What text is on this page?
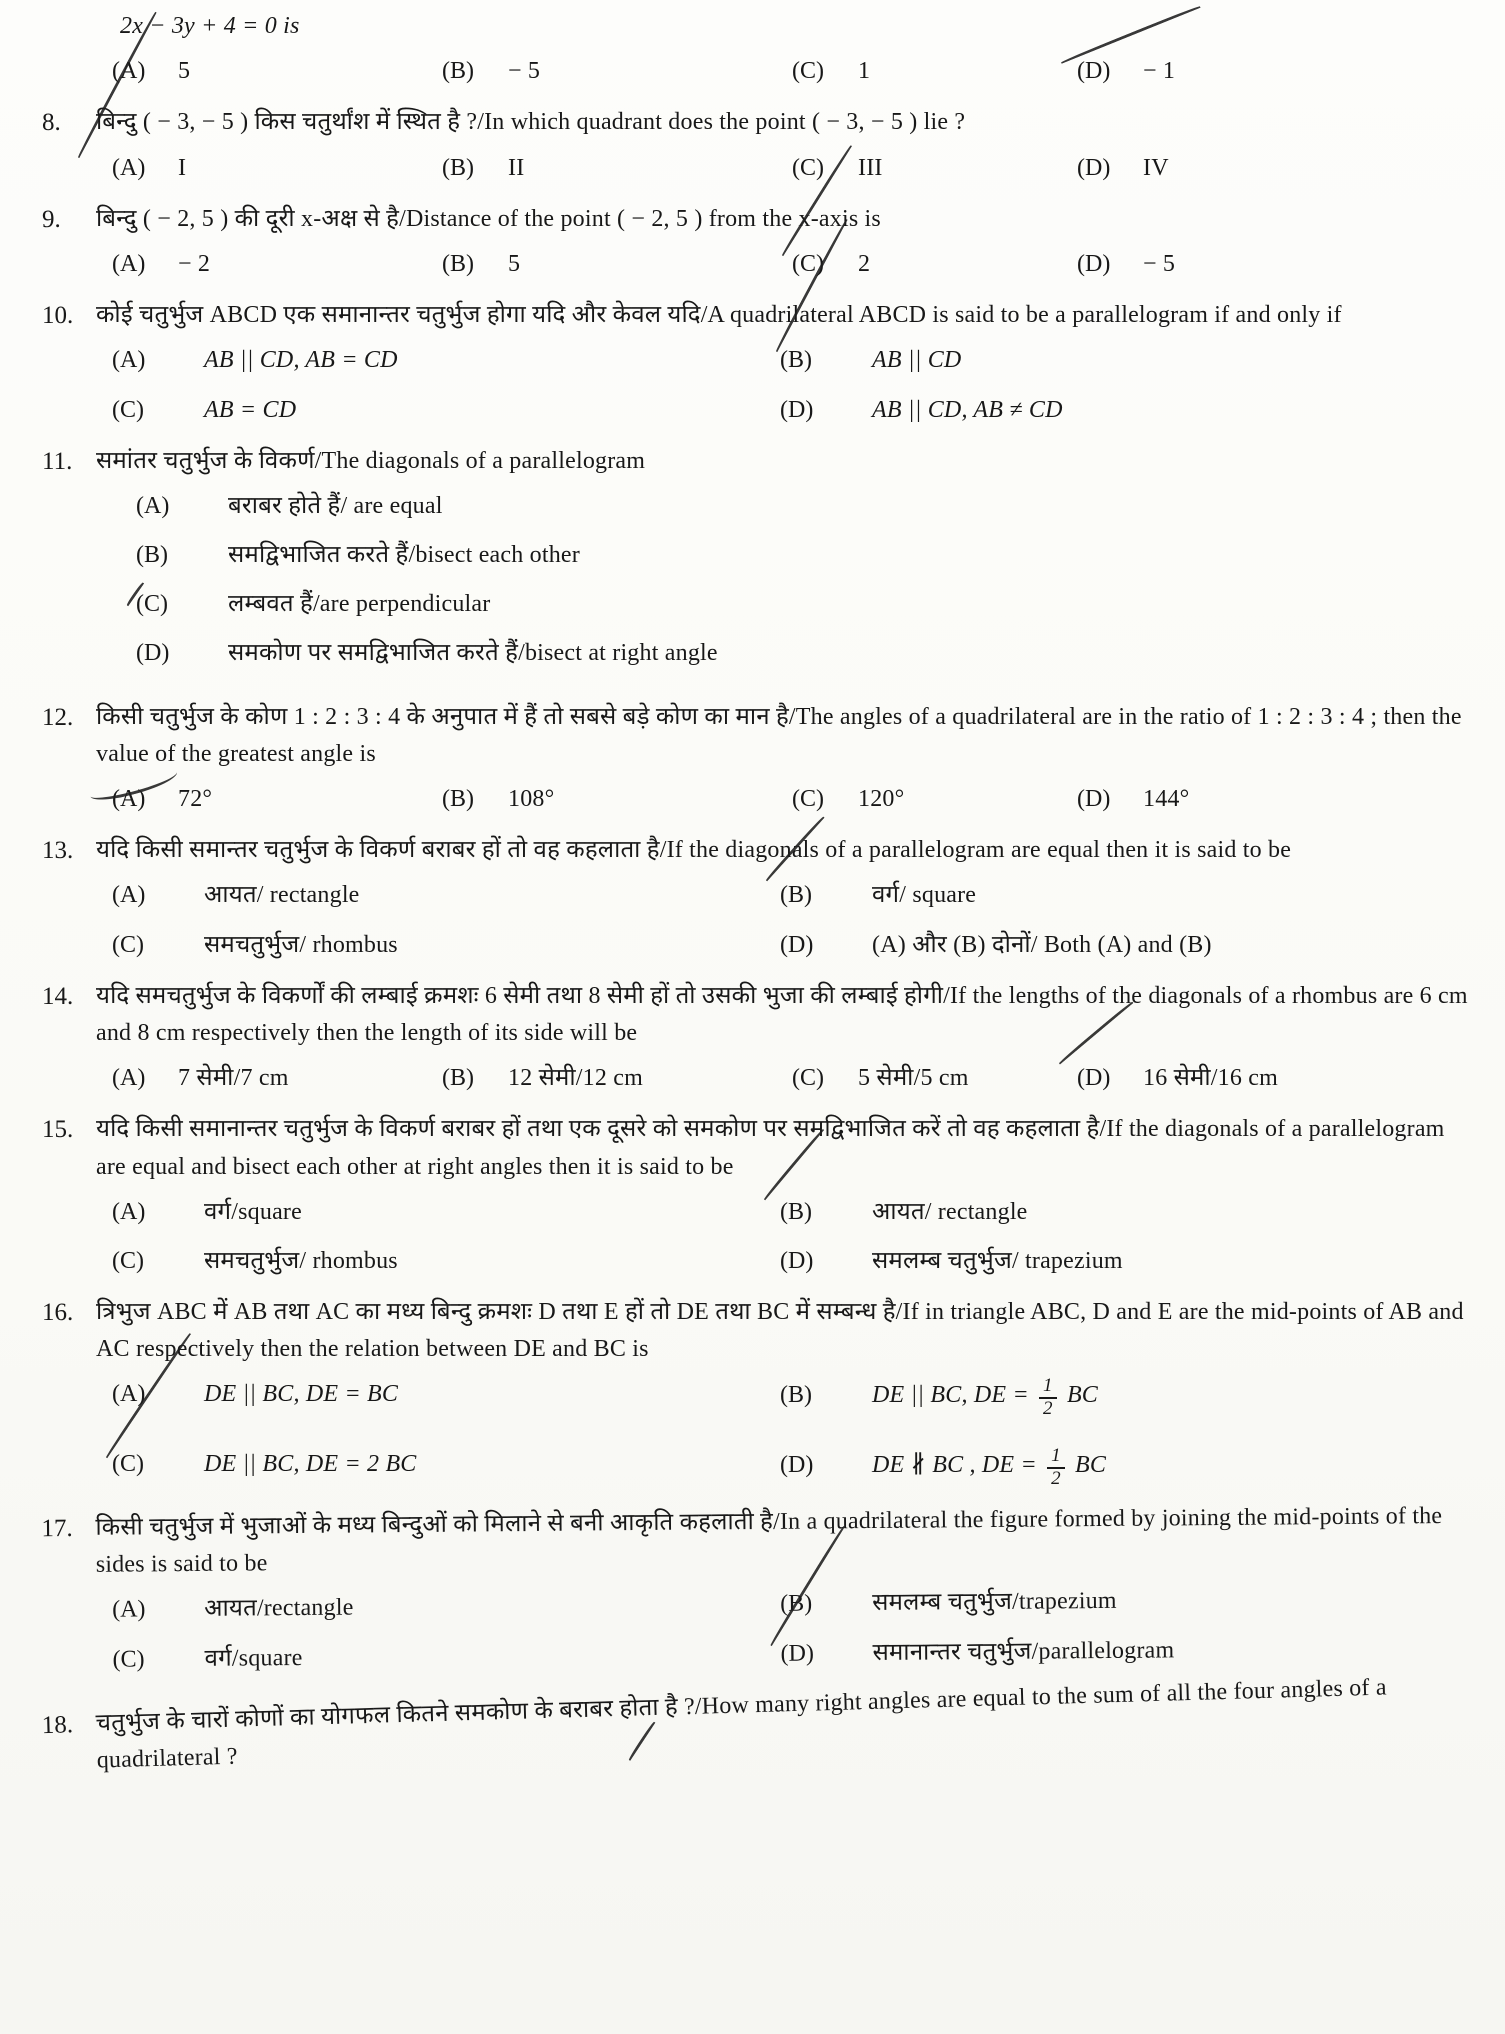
2x − 3y + 4 = 0 is
(A) 5	(B) − 5	(C) 1	(D) − 1
8.	बिन्दु ( − 3, − 5 ) किस चतुर्थांश में स्थित है ?/In which quadrant does the point ( − 3, − 5 ) lie ?
(A) I	(B) II	(C) III	(D) IV
9.	बिन्दु ( − 2, 5 ) की दूरी x-अक्ष से है/Distance of the point ( − 2, 5 ) from the x-axis is
(A) − 2	(B) 5	(C) 2	(D) − 5
10. कोई चतुर्भुज ABCD एक समानान्तर चतुर्भुज होगा यदि और केवल यदि/A quadrilateral ABCD is said to be a parallelogram if and only if
(A) AB || CD, AB = CD	(B)	AB || CD
(C)	AB = CD	(D) AB || CD, AB ≠ CD
11. समांतर चतुर्भुज के विकर्ण/The diagonals of a parallelogram
(A) बराबर होते हैं/ are equal
(B)	समद्विभाजित करते हैं/bisect each other
(C)	लम्बवत हैं/are perpendicular
(D) समकोण पर समद्विभाजित करते हैं/bisect at right angle
12. किसी चतुर्भुज के कोण 1 : 2 : 3 : 4 के अनुपात में हैं तो सबसे बड़े कोण का मान है/The angles of a quadrilateral are in the ratio of 1 : 2 : 3 : 4 ; then the value of the greatest angle is
(A) 72°	(B) 108°	(C) 120°	(D) 144°
13. यदि किसी समान्तर चतुर्भुज के विकर्ण बराबर हों तो वह कहलाता है/If the diagonals of a parallelogram are equal then it is said to be
(A) आयत/ rectangle	(B)	वर्ग/ square
(C)	समचतुर्भुज/ rhombus	(D) (A) और (B) दोनों/ Both (A) and (B)
14. यदि समचतुर्भुज के विकर्णों की लम्बाई क्रमशः 6 सेमी तथा 8 सेमी हों तो उसकी भुजा की लम्बाई होगी/If the lengths of the diagonals of a rhombus are 6 cm and 8 cm respectively then the length of its side will be
(A) 7 सेमी/7 cm	(B) 12 सेमी/12 cm	(C) 5 सेमी/5 cm	(D) 16 सेमी/16 cm
15. यदि किसी समानान्तर चतुर्भुज के विकर्ण बराबर हों तथा एक दूसरे को समकोण पर समद्विभाजित करें तो वह कहलाता है/If the diagonals of a parallelogram are equal and bisect each other at right angles then it is said to be
(A) वर्ग/square	(B)	आयत/ rectangle
(C)	समचतुर्भुज/ rhombus	(D) समलम्ब चतुर्भुज/ trapezium
16. त्रिभुज ABC में AB तथा AC का मध्य बिन्दु क्रमशः D तथा E हों तो DE तथा BC में सम्बन्ध है/If in triangle ABC, D and E are the mid-points of AB and AC respectively then the relation between DE and BC is
(A) DE || BC, DE = BC	(B)	DE || BC, DE = $\frac{1}{2}$ BC
(C)	DE || BC, DE = 2 BC	(D) DE ∦ BC , DE = $\frac{1}{2}$ BC
17. किसी चतुर्भुज में भुजाओं के मध्य बिन्दुओं को मिलाने से बनी आकृति कहलाती है/In a quadrilateral the figure formed by joining the mid-points of the sides is said to be
(A) आयत/rectangle	(B) समलम्ब चतुर्भुज/trapezium
(C) वर्ग/square	(D) समानान्तर चतुर्भुज/parallelogram
18. चतुर्भुज के चारों कोणों का योगफल कितने समकोण के बराबर होता है ?/How many right angles are equal to the sum of all the four angles of a quadrilateral ?
